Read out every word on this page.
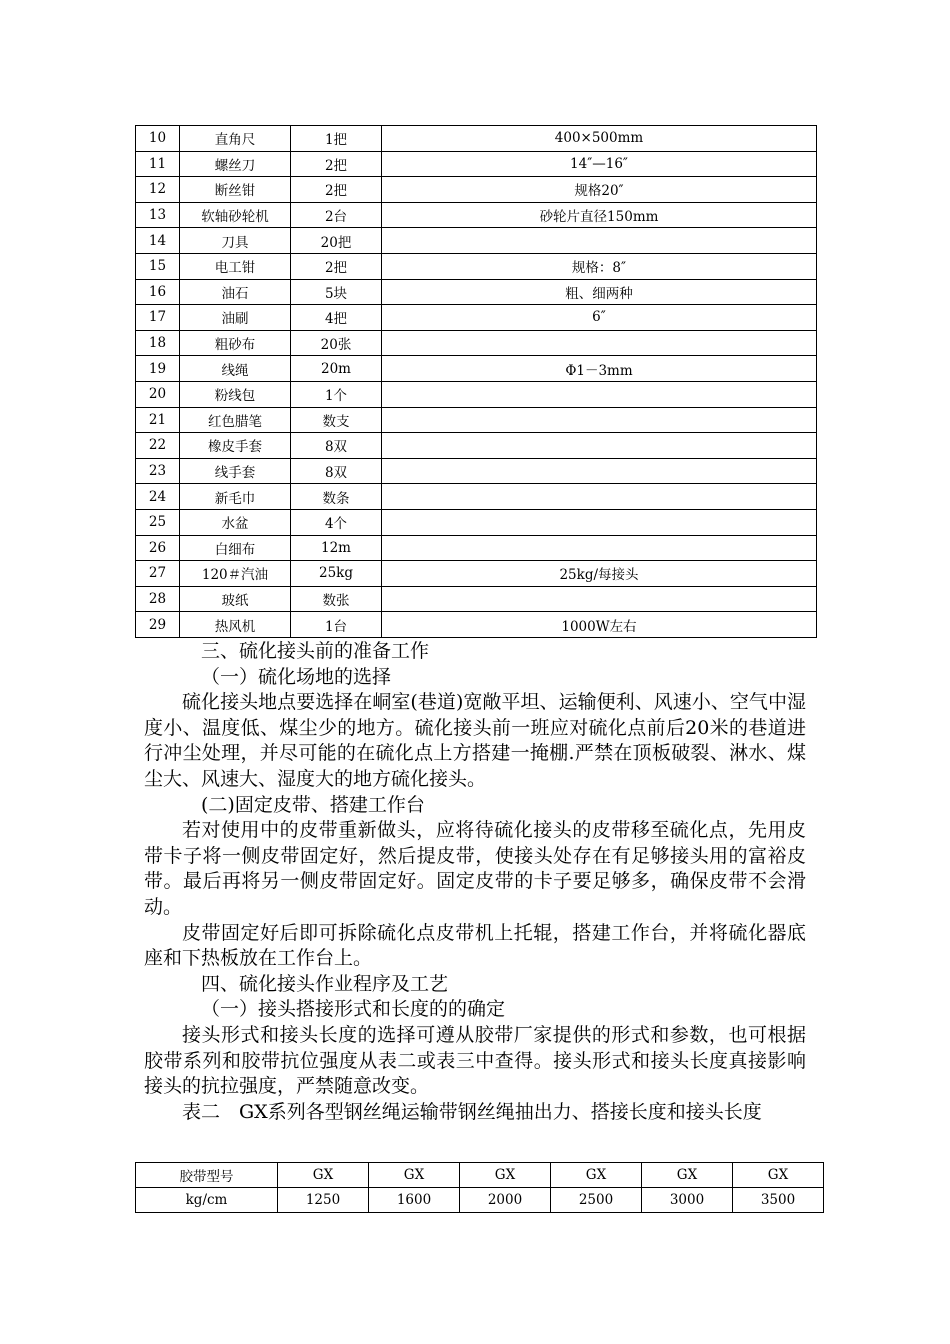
10	直角尺	1把	400×500mm
11	螺丝刀	2把	14″—16″
12	断丝钳	2把	规格20″
13	软轴砂轮机	2台	砂轮片直径150mm
14	刀具	20把	
15	电工钳	2把	规格：8″
16	油石	5块	粗、细两种
17	油刷	4把	6″
18	粗砂布	20张	
19	线绳	20m	Φ1－3mm
20	粉线包	1个	
21	红色腊笔	数支	
22	橡皮手套	8双	
23	线手套	8双	
24	新毛巾	数条	
25	水盆	4个	
26	白细布	12m	
27	120＃汽油	25kg	25kg/每接头
28	玻纸	数张	
29	热风机	1台	1000W左右

三、硫化接头前的准备工作

（一）硫化场地的选择

硫化接头地点要选择在峒室(巷道)宽敞平坦、运输便利、风速小、空气中湿度小、温度低、煤尘少的地方。硫化接头前一班应对硫化点前后20米的巷道进行冲尘处理，并尽可能的在硫化点上方搭建一掩棚.严禁在顶板破裂、淋水、煤尘大、风速大、湿度大的地方硫化接头。

(二)固定皮带、搭建工作台

若对使用中的皮带重新做头，应将待硫化接头的皮带移至硫化点，先用皮带卡子将一侧皮带固定好，然后提皮带，使接头处存在有足够接头用的富裕皮带。最后再将另一侧皮带固定好。固定皮带的卡子要足够多，确保皮带不会滑动。

皮带固定好后即可拆除硫化点皮带机上托辊，搭建工作台，并将硫化器底座和下热板放在工作台上。

四、硫化接头作业程序及工艺

（一）接头搭接形式和长度的的确定

接头形式和接头长度的选择可遵从胶带厂家提供的形式和参数，也可根据胶带系列和胶带抗位强度从表二或表三中查得。接头形式和接头长度真接影响接头的抗拉强度，严禁随意改变。

表二　GX系列各型钢丝绳运输带钢丝绳抽出力、搭接长度和接头长度

胶带型号	GX	GX	GX	GX	GX	GX
kg/cm	1250	1600	2000	2500	3000	3500
